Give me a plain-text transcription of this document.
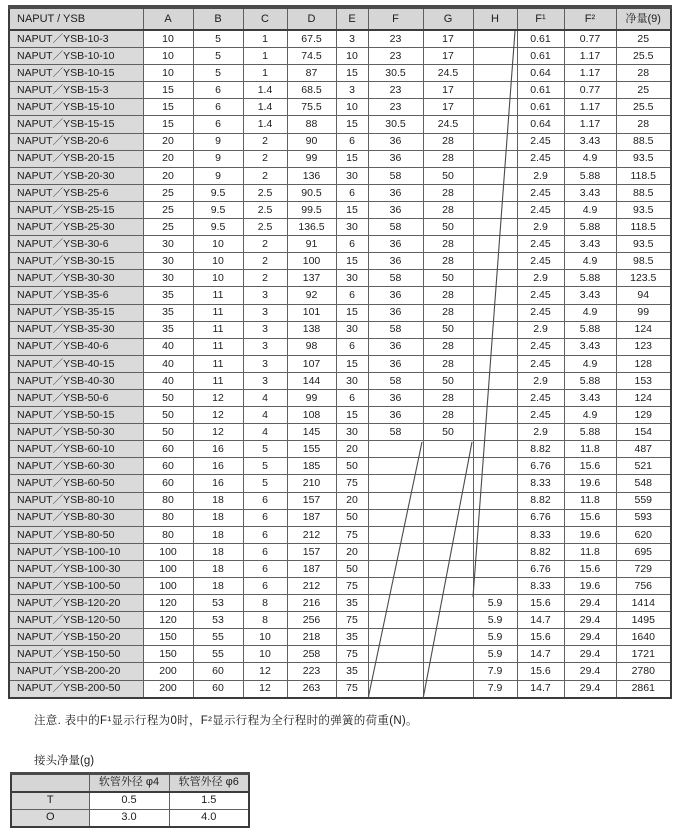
NAPUT / YSB	A	B	C	D	E	F	G	H	F¹	F²	净量(9)
NAPUT／YSB-10-3	10	5	1	67.5	3	23	17		0.61	0.77	25
NAPUT／YSB-10-10	10	5	1	74.5	10	23	17		0.61	1.17	25.5
NAPUT／YSB-10-15	10	5	1	87	15	30.5	24.5		0.64	1.17	28
NAPUT／YSB-15-3	15	6	1.4	68.5	3	23	17		0.61	0.77	25
NAPUT／YSB-15-10	15	6	1.4	75.5	10	23	17		0.61	1.17	25.5
NAPUT／YSB-15-15	15	6	1.4	88	15	30.5	24.5		0.64	1.17	28
NAPUT／YSB-20-6	20	9	2	90	6	36	28		2.45	3.43	88.5
NAPUT／YSB-20-15	20	9	2	99	15	36	28		2.45	4.9	93.5
NAPUT／YSB-20-30	20	9	2	136	30	58	50		2.9	5.88	118.5
NAPUT／YSB-25-6	25	9.5	2.5	90.5	6	36	28		2.45	3.43	88.5
NAPUT／YSB-25-15	25	9.5	2.5	99.5	15	36	28		2.45	4.9	93.5
NAPUT／YSB-25-30	25	9.5	2.5	136.5	30	58	50		2.9	5.88	118.5
NAPUT／YSB-30-6	30	10	2	91	6	36	28		2.45	3.43	93.5
NAPUT／YSB-30-15	30	10	2	100	15	36	28		2.45	4.9	98.5
NAPUT／YSB-30-30	30	10	2	137	30	58	50		2.9	5.88	123.5
NAPUT／YSB-35-6	35	11	3	92	6	36	28		2.45	3.43	94
NAPUT／YSB-35-15	35	11	3	101	15	36	28		2.45	4.9	99
NAPUT／YSB-35-30	35	11	3	138	30	58	50		2.9	5.88	124
NAPUT／YSB-40-6	40	11	3	98	6	36	28		2.45	3.43	123
NAPUT／YSB-40-15	40	11	3	107	15	36	28		2.45	4.9	128
NAPUT／YSB-40-30	40	11	3	144	30	58	50		2.9	5.88	153
NAPUT／YSB-50-6	50	12	4	99	6	36	28		2.45	3.43	124
NAPUT／YSB-50-15	50	12	4	108	15	36	28		2.45	4.9	129
NAPUT／YSB-50-30	50	12	4	145	30	58	50		2.9	5.88	154
NAPUT／YSB-60-10	60	16	5	155	20				8.82	11.8	487
NAPUT／YSB-60-30	60	16	5	185	50				6.76	15.6	521
NAPUT／YSB-60-50	60	16	5	210	75				8.33	19.6	548
NAPUT／YSB-80-10	80	18	6	157	20				8.82	11.8	559
NAPUT／YSB-80-30	80	18	6	187	50				6.76	15.6	593
NAPUT／YSB-80-50	80	18	6	212	75				8.33	19.6	620
NAPUT／YSB-100-10	100	18	6	157	20				8.82	11.8	695
NAPUT／YSB-100-30	100	18	6	187	50				6.76	15.6	729
NAPUT／YSB-100-50	100	18	6	212	75				8.33	19.6	756
NAPUT／YSB-120-20	120	53	8	216	35			5.9	15.6	29.4	1414
NAPUT／YSB-120-50	120	53	8	256	75			5.9	14.7	29.4	1495
NAPUT／YSB-150-20	150	55	10	218	35			5.9	15.6	29.4	1640
NAPUT／YSB-150-50	150	55	10	258	75			5.9	14.7	29.4	1721
NAPUT／YSB-200-20	200	60	12	223	35			7.9	15.6	29.4	2780
NAPUT／YSB-200-50	200	60	12	263	75			7.9	14.7	29.4	2861

注意. 表中的F¹显示行程为0时，F²显示行程为全行程时的弹簧的荷重(N)。

接头净量(g)
	软管外径 φ4	软管外径 φ6
T	0.5	1.5
O	3.0	4.0
